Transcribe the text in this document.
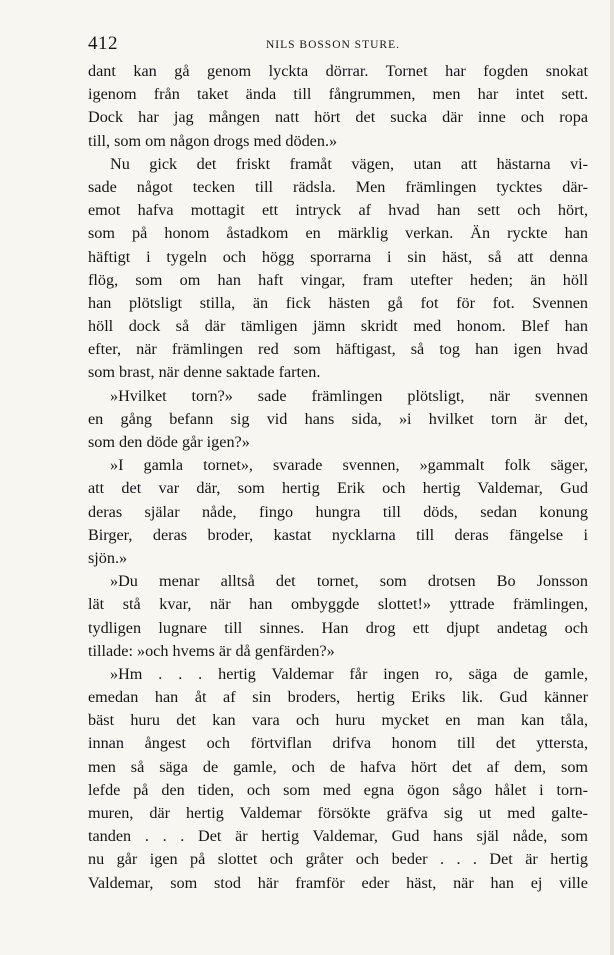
412	NILS BOSSON STURE.
dant kan gå genom lyckta dörrar. Tornet har fogden snokat
igenom från taket ända till fångrummen, men har intet sett.
Dock har jag mången natt hört det sucka där inne och ropa
till, som om någon drogs med döden.»
Nu gick det friskt framåt vägen, utan att hästarna vi-
sade något tecken till rädsla. Men främlingen tycktes där-
emot hafva mottagit ett intryck af hvad han sett och hört,
som på honom åstadkom en märklig verkan. Än ryckte han
häftigt i tygeln och högg sporrarna i sin häst, så att denna
flög, som om han haft vingar, fram utefter heden; än höll
han plötsligt stilla, än fick hästen gå fot för fot. Svennen
höll dock så där tämligen jämn skridt med honom. Blef han
efter, när främlingen red som häftigast, så tog han igen hvad
som brast, när denne saktade farten.
»Hvilket torn?» sade främlingen plötsligt, när svennen
en gång befann sig vid hans sida, »i hvilket torn är det,
som den döde går igen?»
»I gamla tornet», svarade svennen, »gammalt folk säger,
att det var där, som hertig Erik och hertig Valdemar, Gud
deras själar nåde, fingo hungra till döds, sedan konung
Birger, deras broder, kastat nycklarna till deras fängelse i
sjön.»
»Du menar alltså det tornet, som drotsen Bo Jonsson
lät stå kvar, när han ombyggde slottet!» yttrade främlingen,
tydligen lugnare till sinnes. Han drog ett djupt andetag och
tillade: »och hvems är då genfärden?»
»Hm . . . hertig Valdemar får ingen ro, säga de gamle,
emedan han åt af sin broders, hertig Eriks lik. Gud känner
bäst huru det kan vara och huru mycket en man kan tåla,
innan ångest och förtviflan drifva honom till det yttersta,
men så säga de gamle, och de hafva hört det af dem, som
lefde på den tiden, och som med egna ögon sågo hålet i torn-
muren, där hertig Valdemar försökte gräfva sig ut med galte-
tanden . . . Det är hertig Valdemar, Gud hans själ nåde, som
nu går igen på slottet och gråter och beder . . . Det är hertig
Valdemar, som stod här framför eder häst, när han ej ville
